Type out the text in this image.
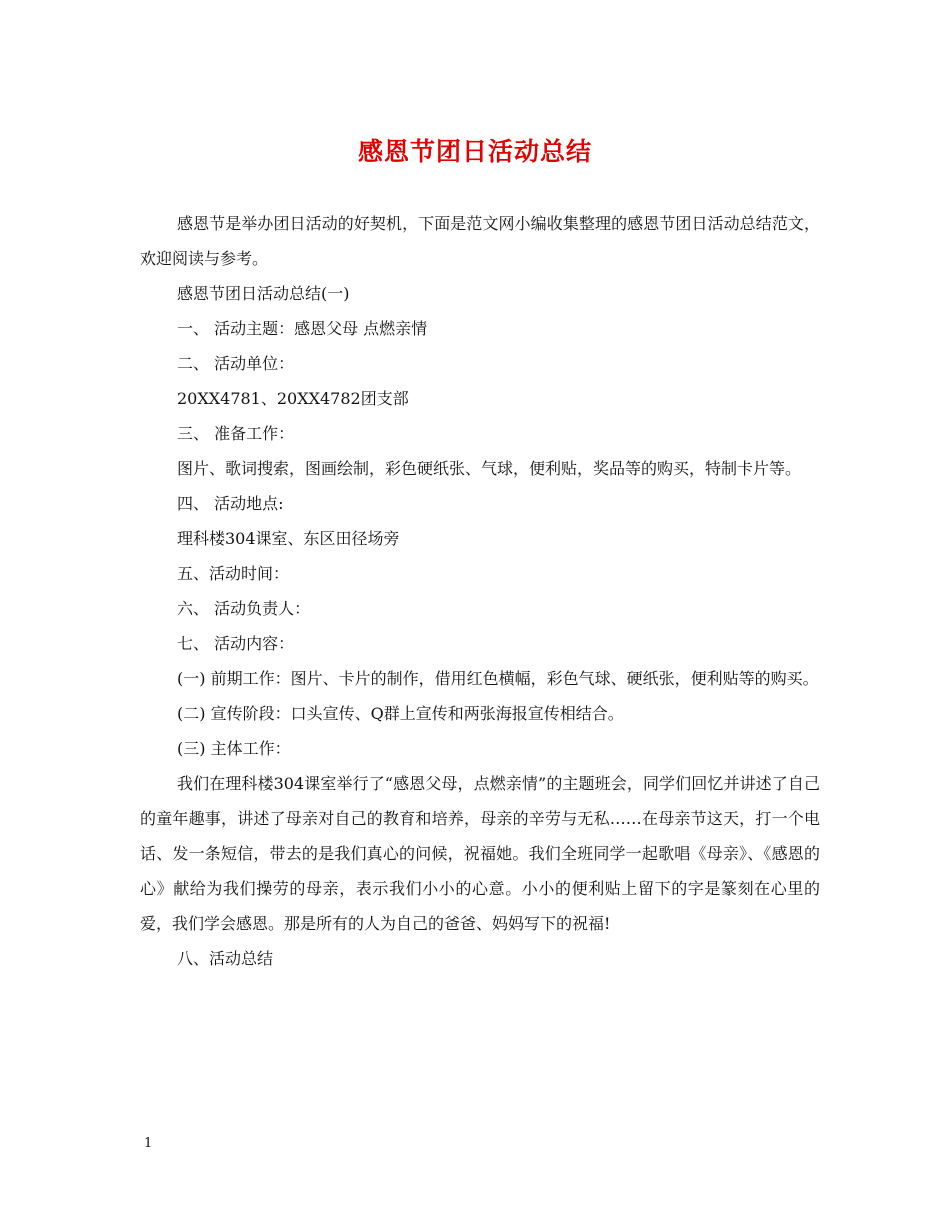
感恩节团日活动总结

感恩节是举办团日活动的好契机，下面是范文网小编收集整理的感恩节团日活动总结范文，欢迎阅读与参考。

感恩节团日活动总结(一)

一、 活动主题：感恩父母 点燃亲情

二、 活动单位：

20XX4781、20XX4782团支部

三、 准备工作：

图片、歌词搜索，图画绘制，彩色硬纸张、气球，便利贴，奖品等的购买，特制卡片等。

四、 活动地点:

理科楼304课室、东区田径场旁

五、活动时间：

六、 活动负责人：

七、 活动内容：

(一) 前期工作：图片、卡片的制作，借用红色横幅，彩色气球、硬纸张，便利贴等的购买。

(二) 宣传阶段：口头宣传、Q群上宣传和两张海报宣传相结合。

(三) 主体工作：

我们在理科楼304课室举行了“感恩父母，点燃亲情”的主题班会，同学们回忆并讲述了自己的童年趣事，讲述了母亲对自己的教育和培养，母亲的辛劳与无私……在母亲节这天，打一个电话、发一条短信，带去的是我们真心的问候，祝福她。我们全班同学一起歌唱《母亲》、《感恩的心》献给为我们操劳的母亲，表示我们小小的心意。小小的便利贴上留下的字是篆刻在心里的爱，我们学会感恩。那是所有的人为自己的爸爸、妈妈写下的祝福!

八、活动总结

1
